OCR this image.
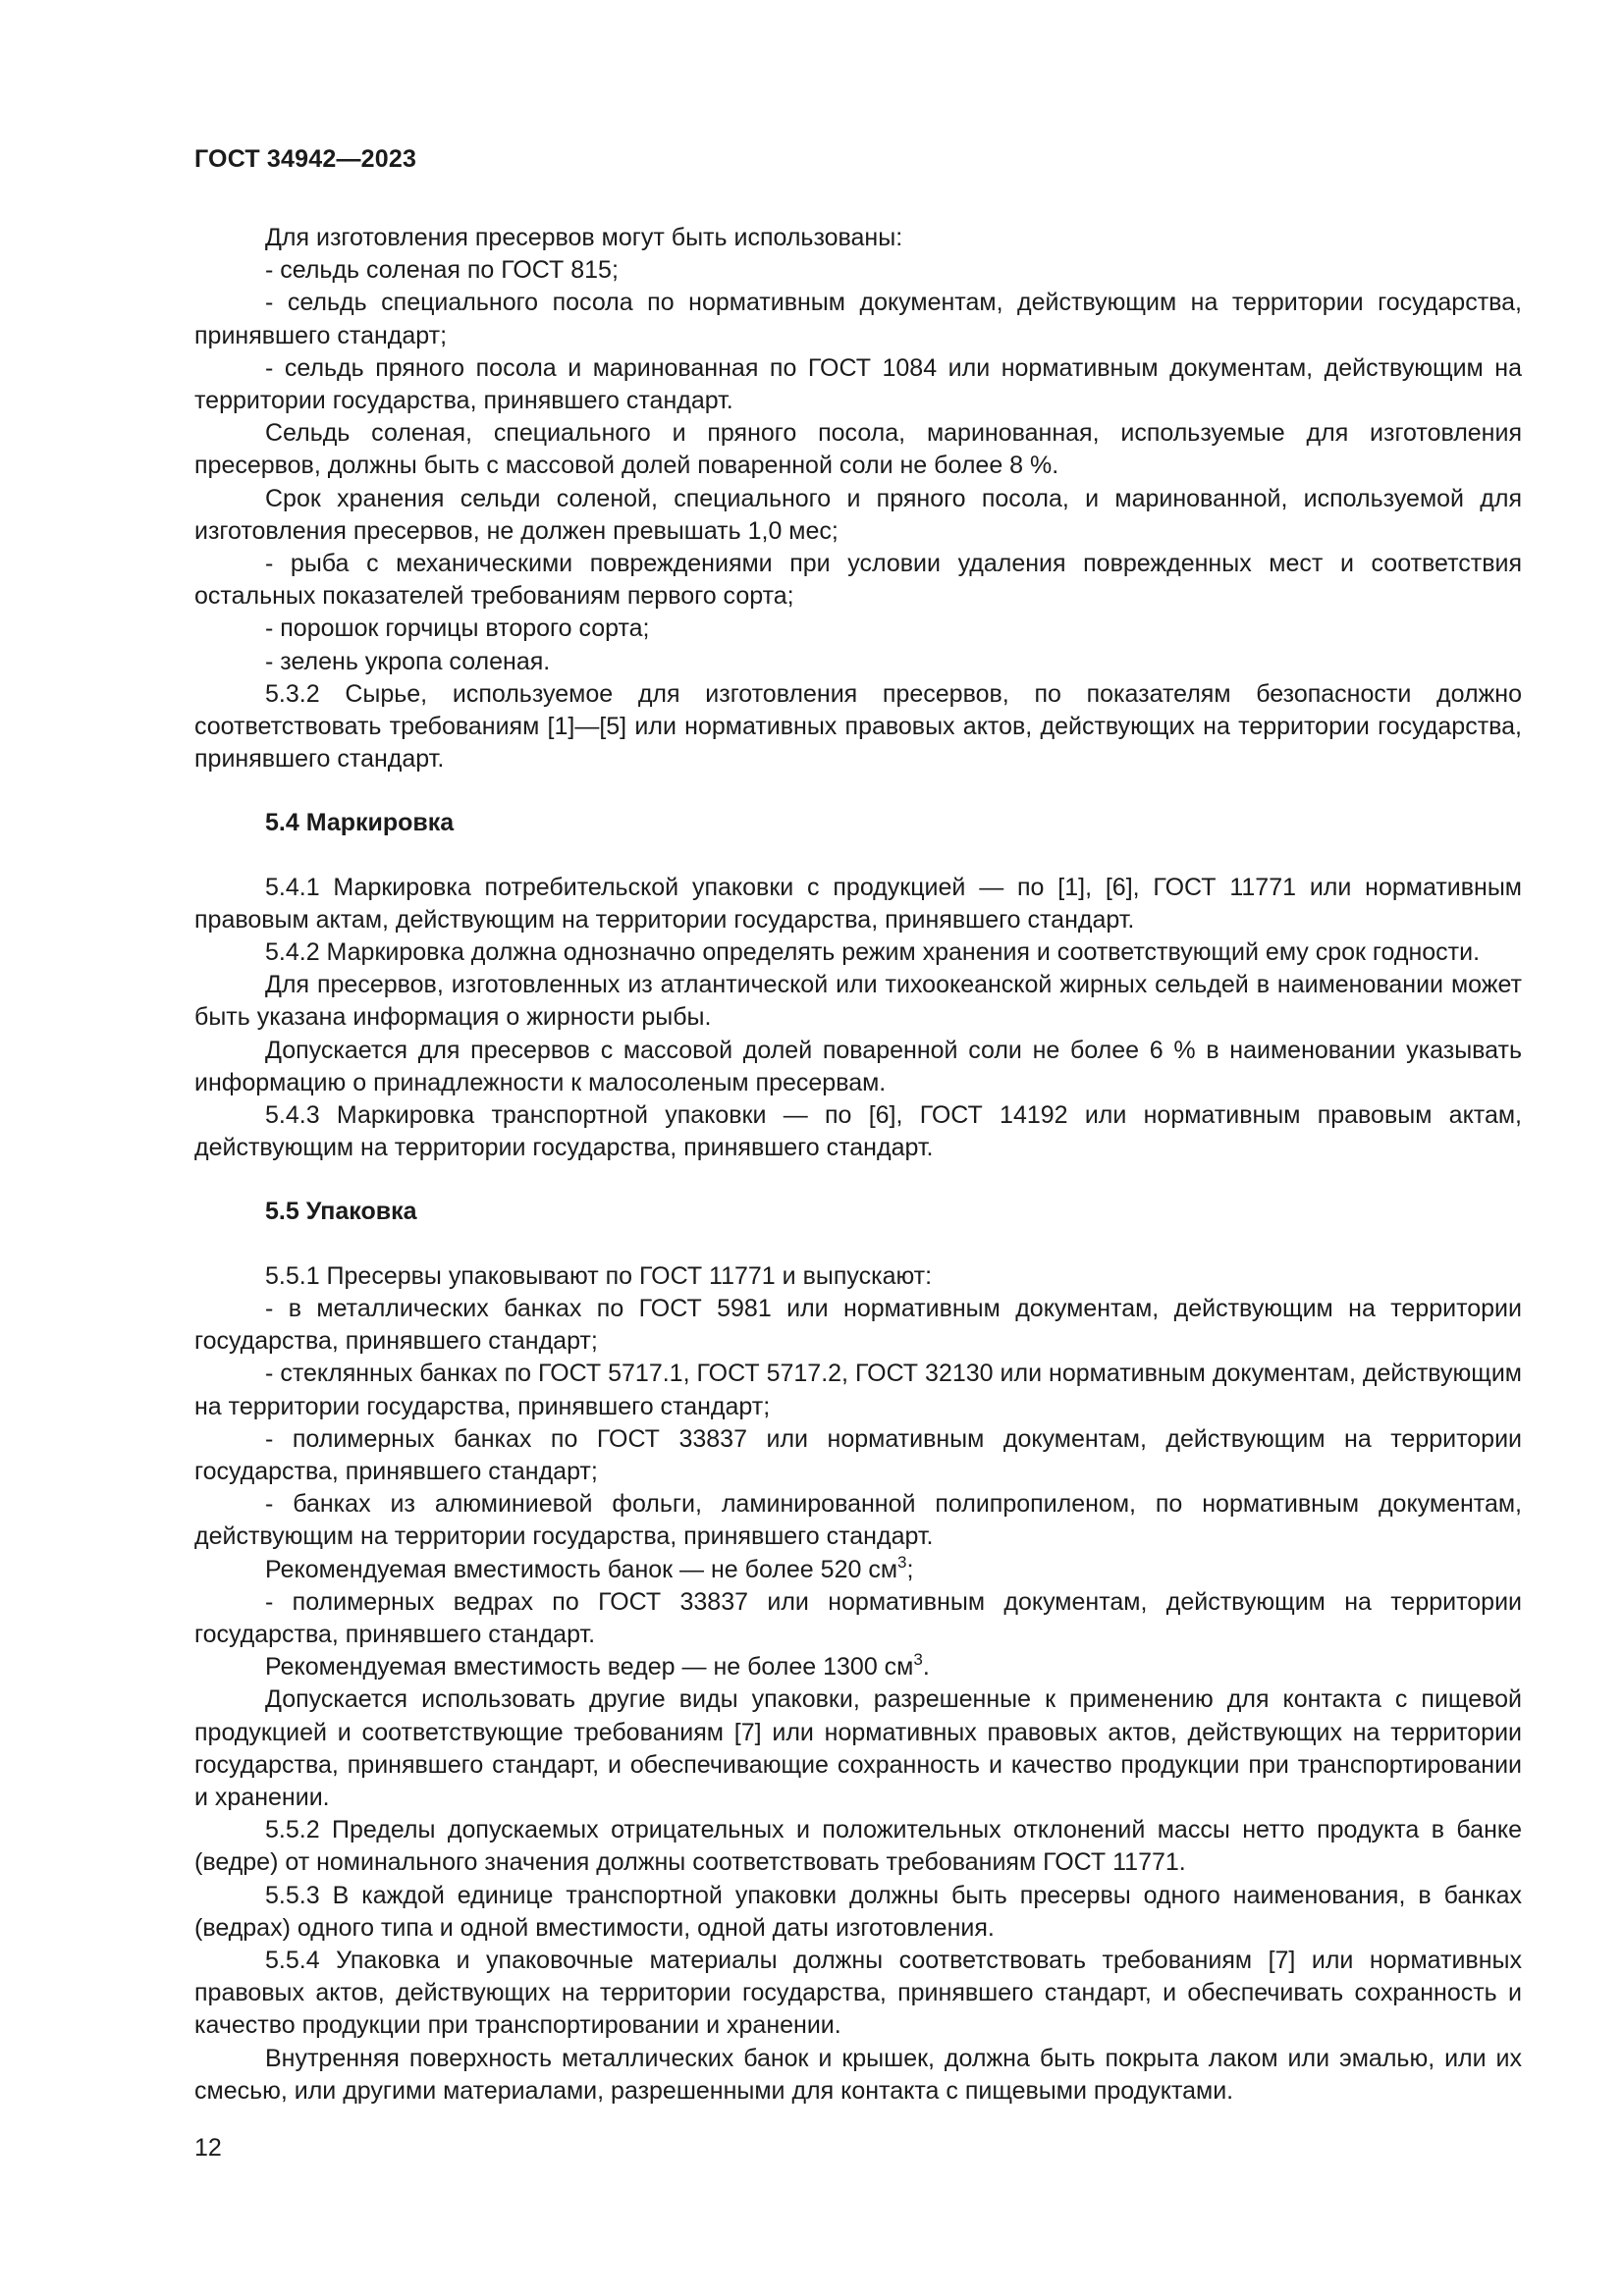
ГОСТ 34942—2023

Для изготовления пресервов могут быть использованы:

- сельдь соленая по ГОСТ 815;

- сельдь специального посола по нормативным документам, действующим на территории государства, принявшего стандарт;

- сельдь пряного посола и маринованная по ГОСТ 1084 или нормативным документам, действующим на территории государства, принявшего стандарт.

Сельдь соленая, специального и пряного посола, маринованная, используемые для изготовления пресервов, должны быть с массовой долей поваренной соли не более 8 %.

Срок хранения сельди соленой, специального и пряного посола, и маринованной, используемой для изготовления пресервов, не должен превышать 1,0 мес;

- рыба с механическими повреждениями при условии удаления поврежденных мест и соответствия остальных показателей требованиям первого сорта;

- порошок горчицы второго сорта;

- зелень укропа соленая.

5.3.2 Сырье, используемое для изготовления пресервов, по показателям безопасности должно соответствовать требованиям [1]—[5] или нормативных правовых актов, действующих на территории государства, принявшего стандарт.

5.4 Маркировка

5.4.1 Маркировка потребительской упаковки с продукцией — по [1], [6], ГОСТ 11771 или нормативным правовым актам, действующим на территории государства, принявшего стандарт.

5.4.2 Маркировка должна однозначно определять режим хранения и соответствующий ему срок годности.

Для пресервов, изготовленных из атлантической или тихоокеанской жирных сельдей в наименовании может быть указана информация о жирности рыбы.

Допускается для пресервов с массовой долей поваренной соли не более 6 % в наименовании указывать информацию о принадлежности к малосоленым пресервам.

5.4.3 Маркировка транспортной упаковки — по [6], ГОСТ 14192 или нормативным правовым актам, действующим на территории государства, принявшего стандарт.

5.5 Упаковка

5.5.1 Пресервы упаковывают по ГОСТ 11771 и выпускают:

- в металлических банках по ГОСТ 5981 или нормативным документам, действующим на территории государства, принявшего стандарт;

- стеклянных банках по ГОСТ 5717.1, ГОСТ 5717.2, ГОСТ 32130 или нормативным документам, действующим на территории государства, принявшего стандарт;

- полимерных банках по ГОСТ 33837 или нормативным документам, действующим на территории государства, принявшего стандарт;

- банках из алюминиевой фольги, ламинированной полипропиленом, по нормативным документам, действующим на территории государства, принявшего стандарт.

Рекомендуемая вместимость банок — не более 520 $см^3$;

- полимерных ведрах по ГОСТ 33837 или нормативным документам, действующим на территории государства, принявшего стандарт.

Рекомендуемая вместимость ведер — не более 1300 $см^3$.

Допускается использовать другие виды упаковки, разрешенные к применению для контакта с пищевой продукцией и соответствующие требованиям [7] или нормативных правовых актов, действующих на территории государства, принявшего стандарт, и обеспечивающие сохранность и качество продукции при транспортировании и хранении.

5.5.2 Пределы допускаемых отрицательных и положительных отклонений массы нетто продукта в банке (ведре) от номинального значения должны соответствовать требованиям ГОСТ 11771.

5.5.3 В каждой единице транспортной упаковки должны быть пресервы одного наименования, в банках (ведрах) одного типа и одной вместимости, одной даты изготовления.

5.5.4 Упаковка и упаковочные материалы должны соответствовать требованиям [7] или нормативных правовых актов, действующих на территории государства, принявшего стандарт, и обеспечивать сохранность и качество продукции при транспортировании и хранении.

Внутренняя поверхность металлических банок и крышек, должна быть покрыта лаком или эмалью, или их смесью, или другими материалами, разрешенными для контакта с пищевыми продуктами.

12
